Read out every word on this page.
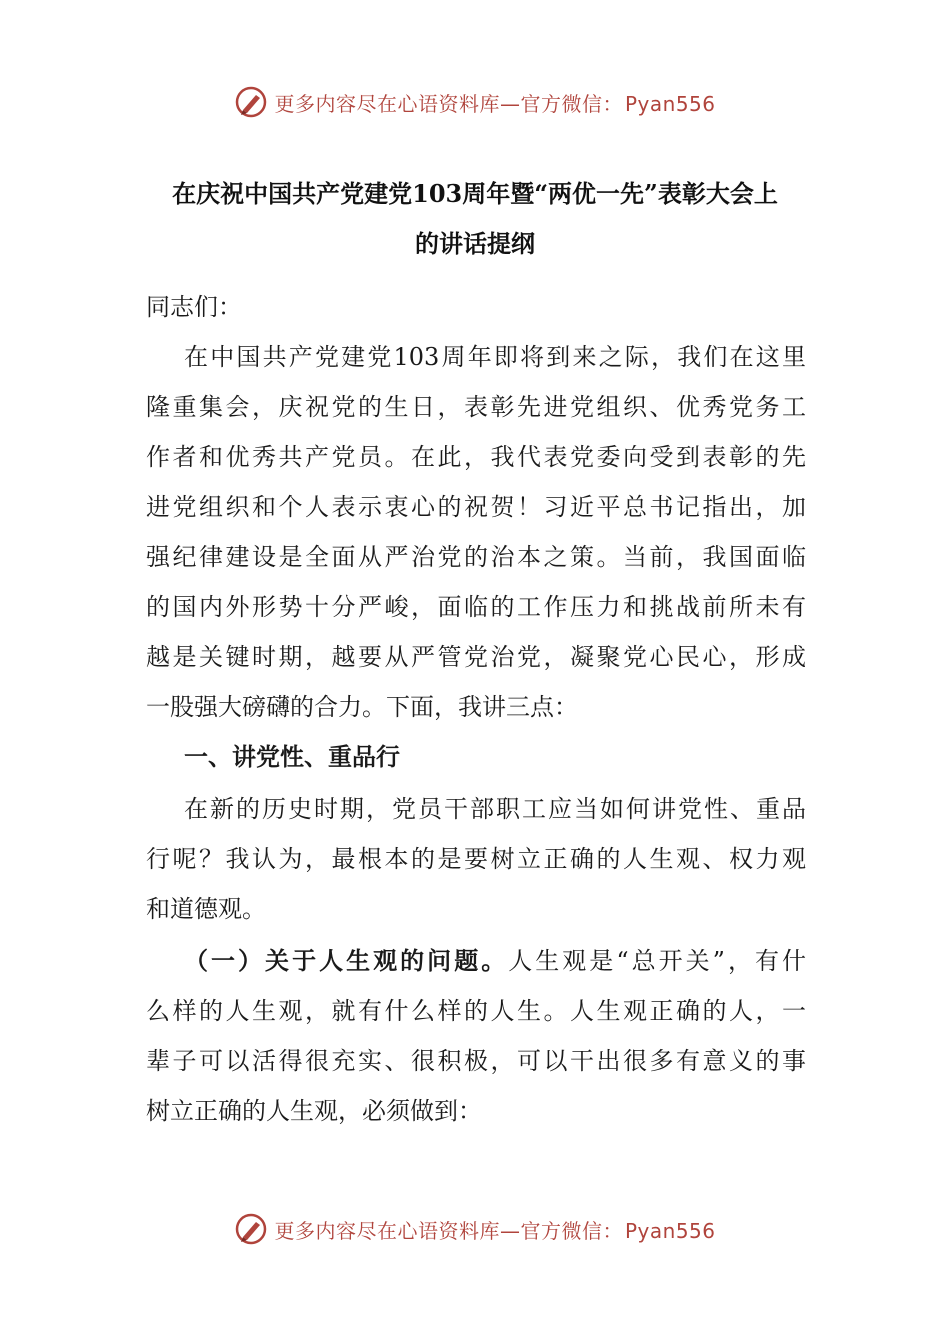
更多内容尽在心语资料库—官方微信： Pyan556
在庆祝中国共产党建党103周年暨“两优一先”表彰大会上
的讲话提纲
同志们：
在中国共产党建党103周年即将到来之际，我们在这里
隆重集会，庆祝党的生日，表彰先进党组织、优秀党务工
作者和优秀共产党员。在此，我代表党委向受到表彰的先
进党组织和个人表示衷心的祝贺！习近平总书记指出，加
强纪律建设是全面从严治党的治本之策。当前，我国面临
的国内外形势十分严峻，面临的工作压力和挑战前所未有
越是关键时期，越要从严管党治党，凝聚党心民心，形成
一股强大磅礴的合力。下面，我讲三点：
一、讲党性、重品行
在新的历史时期，党员干部职工应当如何讲党性、重品
行呢？我认为，最根本的是要树立正确的人生观、权力观
和道德观。
（一）关于人生观的问题。人生观是“总开关”，有什
么样的人生观，就有什么样的人生。人生观正确的人，一
辈子可以活得很充实、很积极，可以干出很多有意义的事
树立正确的人生观，必须做到：
更多内容尽在心语资料库—官方微信： Pyan556
